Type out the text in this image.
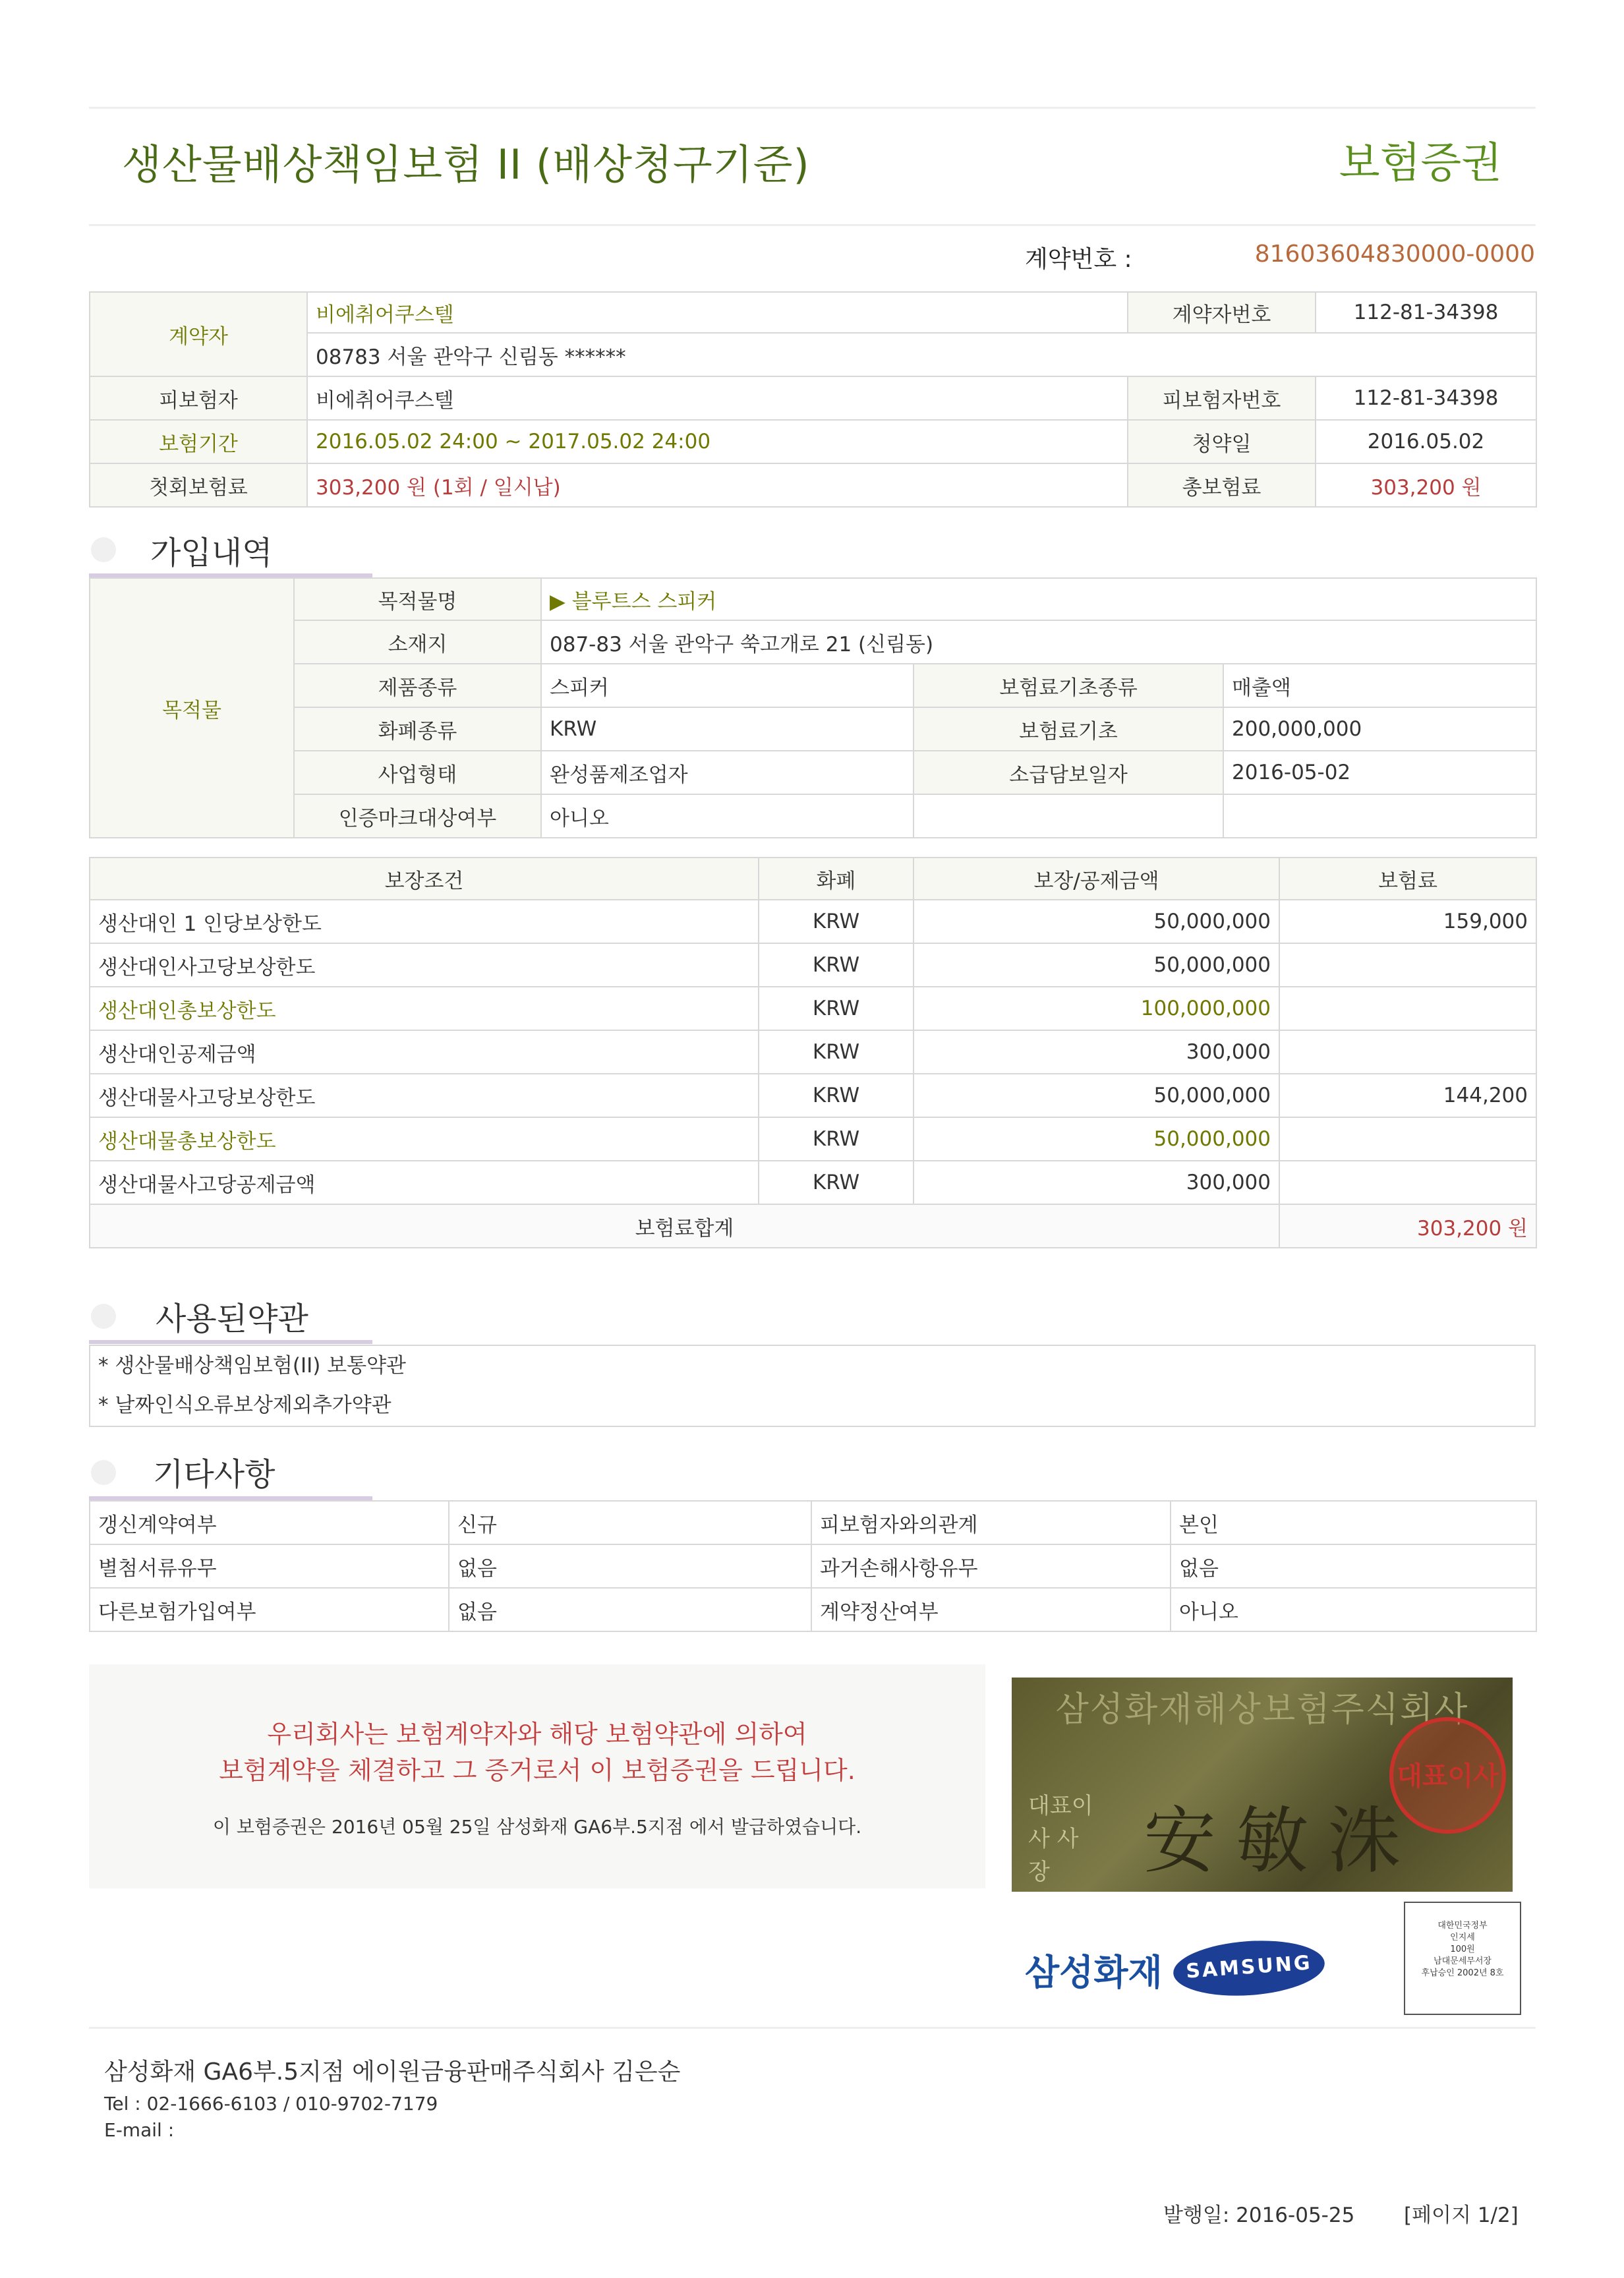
생산물배상책임보험 II (배상청구기준)	보험증권
계약번호 :	81603604830000-0000
계약자	비에취어쿠스텔	계약자번호	112-81-34398
	08783 서울 관악구 신림동 ******		
피보험자	비에취어쿠스텔	피보험자번호	112-81-34398
보험기간	2016.05.02 24:00 ~ 2017.05.02 24:00	청약일	2016.05.02
첫회보험료	303,200 원 (1회 / 일시납)	총보험료	303,200 원
가입내역
목적물	목적물명	▶ 블루트스 스피커		
	소재지	087-83 서울 관악구 쑥고개로 21 (신림동)		
	제품종류	스피커	보험료기초종류	매출액
	화폐종류	KRW	보험료기초	200,000,000
	사업형태	완성품제조업자	소급담보일자	2016-05-02
	인증마크대상여부	아니오		
보장조건	화폐	보장/공제금액	보험료
생산대인 1 인당보상한도	KRW	50,000,000	159,000
생산대인사고당보상한도	KRW	50,000,000	
생산대인총보상한도	KRW	100,000,000	
생산대인공제금액	KRW	300,000	
생산대물사고당보상한도	KRW	50,000,000	144,200
생산대물총보상한도	KRW	50,000,000	
생산대물사고당공제금액	KRW	300,000	
보험료합계			303,200 원
사용된약관
* 생산물배상책임보험(II) 보통약관
* 날짜인식오류보상제외추가약관
기타사항
갱신계약여부	신규	피보험자와의관계	본인
별첨서류유무	없음	과거손해사항유무	없음
다른보험가입여부	없음	계약정산여부	아니오
우리회사는 보험계약자와 해당 보험약관에 의하여
보험계약을 체결하고 그 증거로서 이 보험증권을 드립니다.
이 보험증권은 2016년 05월 25일 삼성화재 GA6부.5지점 에서 발급하였습니다.
삼성화재해상보험주식회사
대표이사 사 장	安敏洙
대표이사
대한민국정부
인지세
100원
남대문세무서장
후납승인 2002년 8호
삼성화재	SAMSUNG
삼성화재 GA6부.5지점 에이원금융판매주식회사 김은순
Tel : 02-1666-6103 / 010-9702-7179
E-mail :
발행일: 2016-05-25 [페이지 1/2]
